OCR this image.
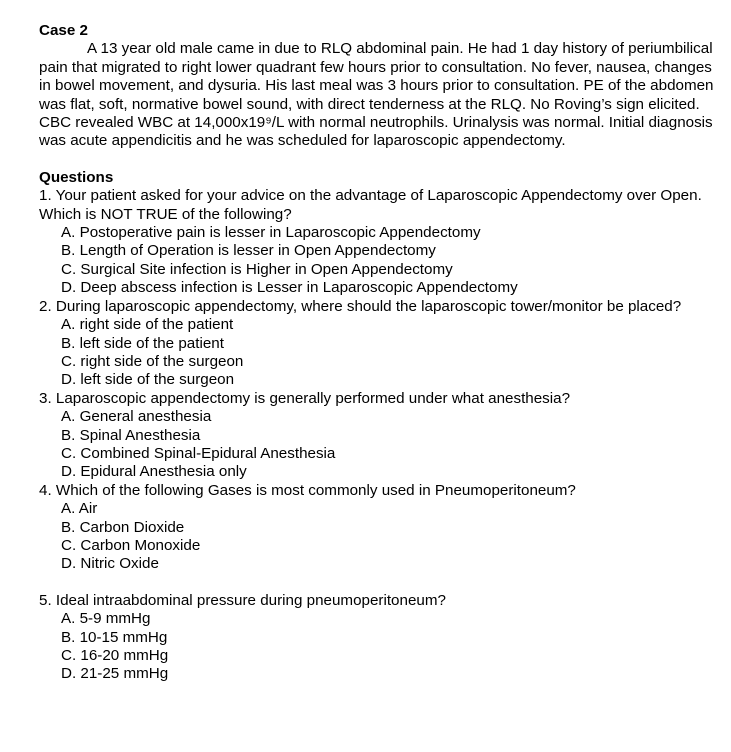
Case 2

A 13 year old male came in due to RLQ abdominal pain. He had 1 day history of periumbilical pain that migrated to right lower quadrant few hours prior to consultation. No fever, nausea, changes in bowel movement, and dysuria. His last meal was 3 hours prior to consultation. PE of the abdomen was flat, soft, normative bowel sound, with direct tenderness at the RLQ. No Roving’s sign elicited. CBC revealed WBC at 14,000x19⁹/L with normal neutrophils. Urinalysis was normal. Initial diagnosis was acute appendicitis and he was scheduled for laparoscopic appendectomy.

Questions
1. Your patient asked for your advice on the advantage of Laparoscopic Appendectomy over Open. Which is NOT TRUE of the following?
A. Postoperative pain is lesser in Laparoscopic Appendectomy
B. Length of Operation is lesser in Open Appendectomy
C. Surgical Site infection is Higher in Open Appendectomy
D. Deep abscess infection is Lesser in Laparoscopic Appendectomy
2. During laparoscopic appendectomy, where should the laparoscopic tower/monitor be placed?
A. right side of the patient
B. left side of the patient
C. right side of the surgeon
D. left side of the surgeon
3. Laparoscopic appendectomy is generally performed under what anesthesia?
A. General anesthesia
B. Spinal Anesthesia
C. Combined Spinal-Epidural Anesthesia
D. Epidural Anesthesia only
4. Which of the following Gases is most commonly used in Pneumoperitoneum?
A. Air
B. Carbon Dioxide
C. Carbon Monoxide
D. Nitric Oxide
5. Ideal intraabdominal pressure during pneumoperitoneum?
A. 5-9 mmHg
B. 10-15 mmHg
C. 16-20 mmHg
D. 21-25 mmHg
